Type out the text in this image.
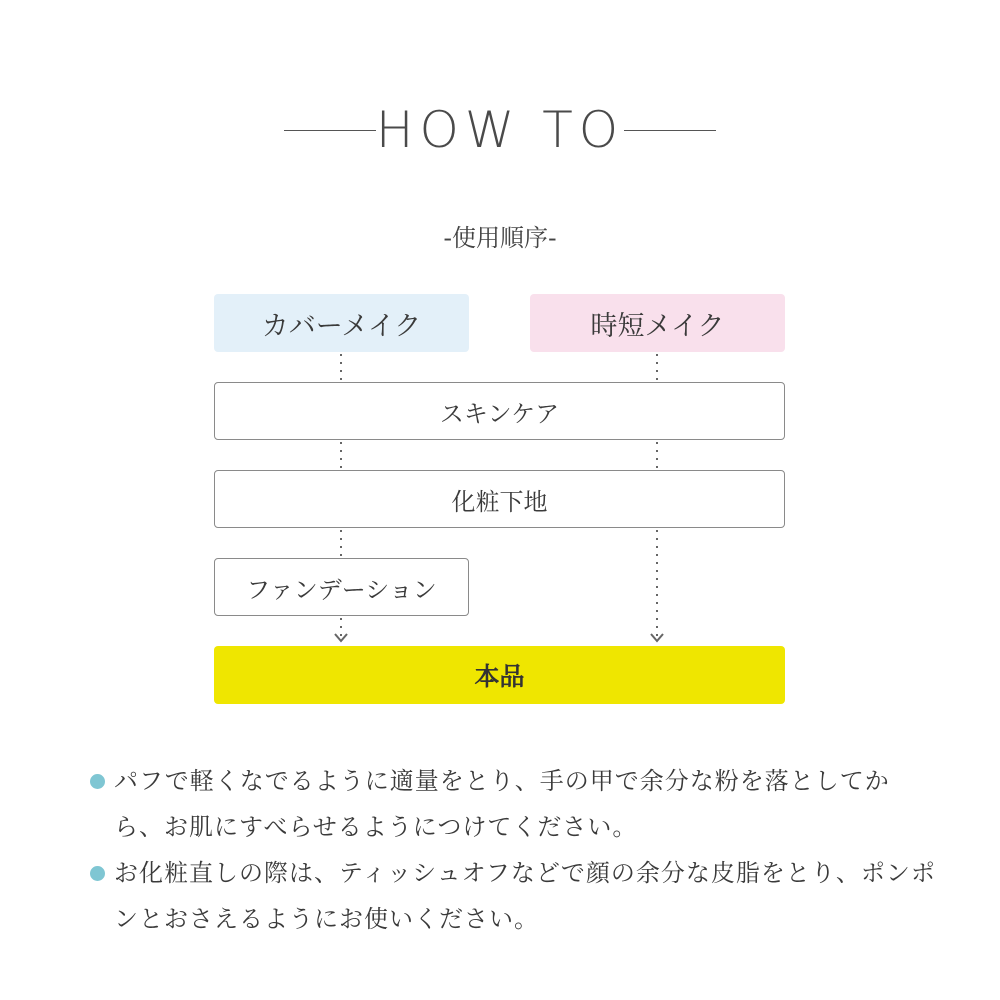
HOW TO
-使用順序-
カバーメイク	時短メイク
スキンケア
化粧下地
ファンデーション
本品

パフで軽くなでるように適量をとり、手の甲で余分な粉を落としてから、お肌にすべらせるようにつけてください。

お化粧直しの際は、ティッシュオフなどで顔の余分な皮脂をとり、ポンポンとおさえるようにお使いください。
